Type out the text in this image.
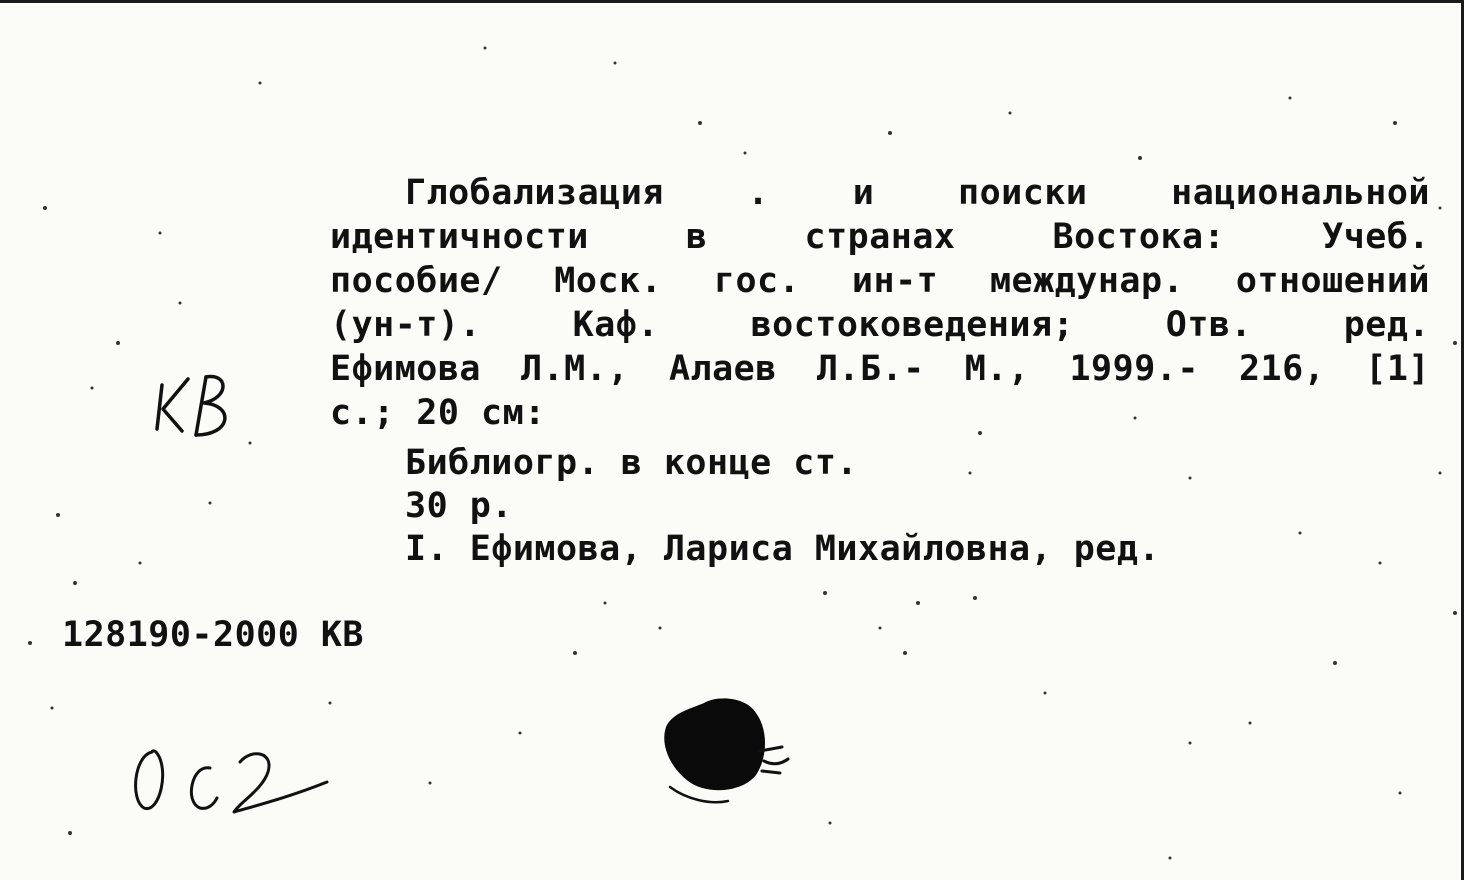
Глобализация . и поиски национальной
идентичности в странах Востока: Учеб.
пособие/ Моск. гос. ин-т междунар. отношений
(ун-т). Каф. востоковедения; Отв. ред.
Ефимова Л.М., Алаев Л.Б.- М., 1999.- 216, [1]
с.; 20 см:
Библиогр. в конце ст.
30 р.
I. Ефимова, Лариса Михайловна, ред.
128190-2000 КВ
